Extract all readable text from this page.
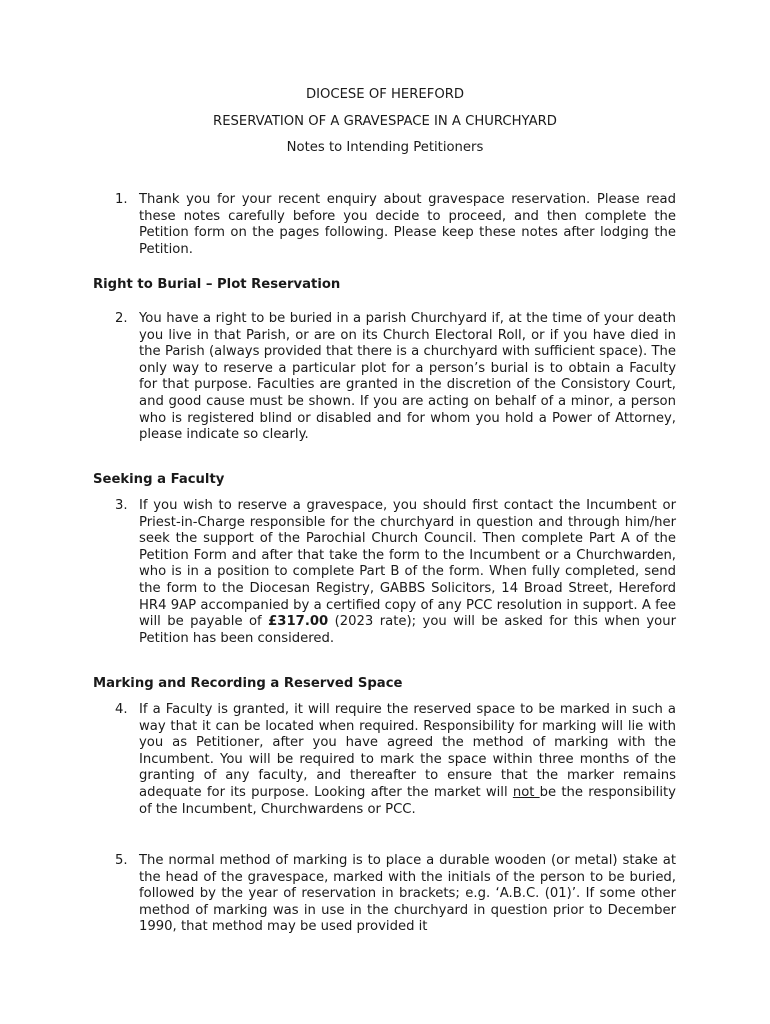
DIOCESE OF HEREFORD
RESERVATION OF A GRAVESPACE IN A CHURCHYARD
Notes to Intending Petitioners
1. Thank you for your recent enquiry about gravespace reservation. Please read these notes carefully before you decide to proceed, and then complete the Petition form on the pages following. Please keep these notes after lodging the Petition.
Right to Burial – Plot Reservation
2. You have a right to be buried in a parish Churchyard if, at the time of your death you live in that Parish, or are on its Church Electoral Roll, or if you have died in the Parish (always provided that there is a churchyard with sufficient space). The only way to reserve a particular plot for a person’s burial is to obtain a Faculty for that purpose. Faculties are granted in the discretion of the Consistory Court, and good cause must be shown. If you are acting on behalf of a minor, a person who is registered blind or disabled and for whom you hold a Power of Attorney, please indicate so clearly.
Seeking a Faculty
3. If you wish to reserve a gravespace, you should first contact the Incumbent or Priest-in-Charge responsible for the churchyard in question and through him/her seek the support of the Parochial Church Council. Then complete Part A of the Petition Form and after that take the form to the Incumbent or a Churchwarden, who is in a position to complete Part B of the form. When fully completed, send the form to the Diocesan Registry, GABBS Solicitors, 14 Broad Street, Hereford HR4 9AP accompanied by a certified copy of any PCC resolution in support. A fee will be payable of £317.00 (2023 rate); you will be asked for this when your Petition has been considered.
Marking and Recording a Reserved Space
4. If a Faculty is granted, it will require the reserved space to be marked in such a way that it can be located when required. Responsibility for marking will lie with you as Petitioner, after you have agreed the method of marking with the Incumbent. You will be required to mark the space within three months of the granting of any faculty, and thereafter to ensure that the marker remains adequate for its purpose. Looking after the market will not be the responsibility of the Incumbent, Churchwardens or PCC.
5. The normal method of marking is to place a durable wooden (or metal) stake at the head of the gravespace, marked with the initials of the person to be buried, followed by the year of reservation in brackets; e.g. ‘A.B.C. (01)’. If some other method of marking was in use in the churchyard in question prior to December 1990, that method may be used provided it
